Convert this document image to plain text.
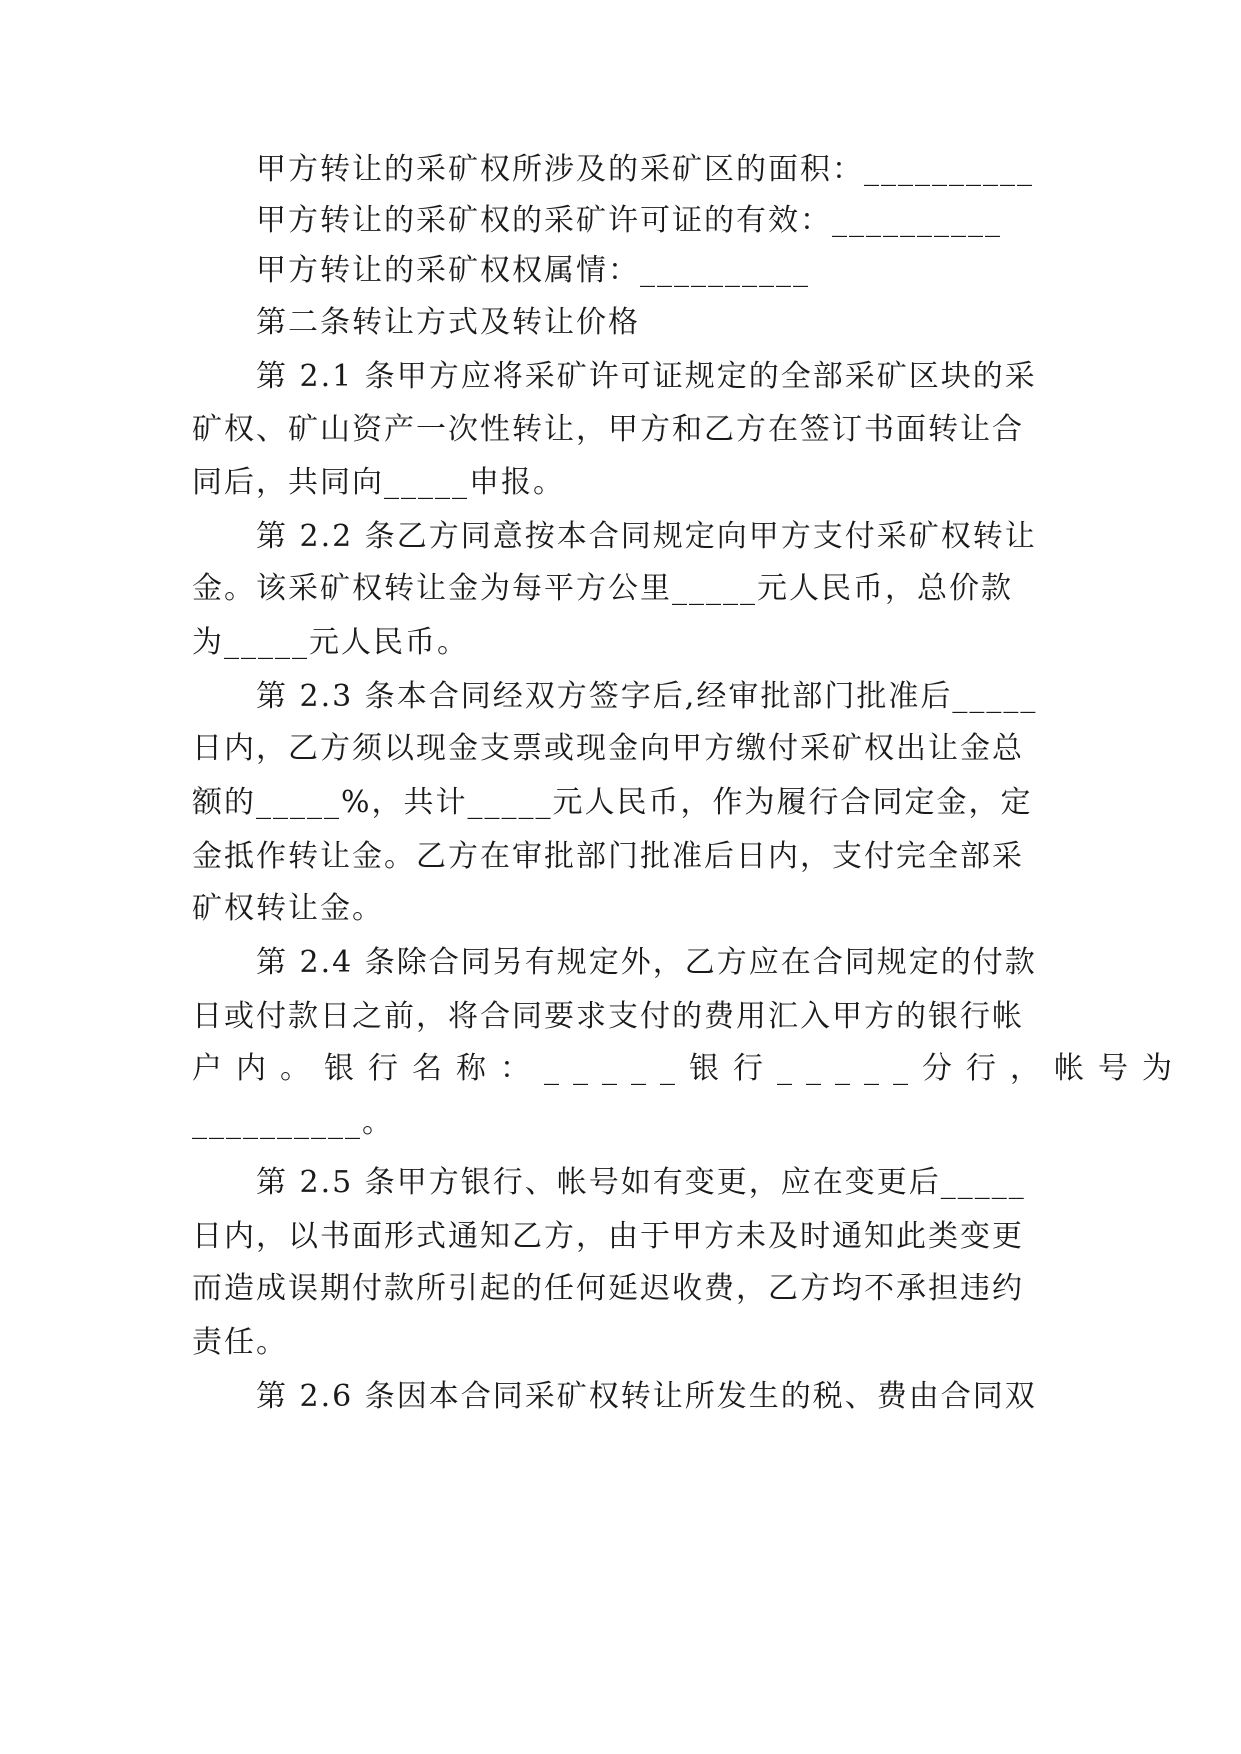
甲方转让的采矿权所涉及的采矿区的面积：__________
甲方转让的采矿权的采矿许可证的有效：__________
甲方转让的采矿权权属情：__________
第二条转让方式及转让价格
第 2.1 条甲方应将采矿许可证规定的全部采矿区块的采
矿权、矿山资产一次性转让，甲方和乙方在签订书面转让合
同后，共同向_____申报。
第 2.2 条乙方同意按本合同规定向甲方支付采矿权转让
金。该采矿权转让金为每平方公里_____元人民币，总价款
为_____元人民币。
第 2.3 条本合同经双方签字后,经审批部门批准后_____
日内，乙方须以现金支票或现金向甲方缴付采矿权出让金总
额的_____%，共计_____元人民币，作为履行合同定金，定
金抵作转让金。乙方在审批部门批准后日内，支付完全部采
矿权转让金。
第 2.4 条除合同另有规定外，乙方应在合同规定的付款
日或付款日之前，将合同要求支付的费用汇入甲方的银行帐
户内。银行名称：_____银行_____分行，帐号为
__________。
第 2.5 条甲方银行、帐号如有变更，应在变更后_____
日内，以书面形式通知乙方，由于甲方未及时通知此类变更
而造成误期付款所引起的任何延迟收费，乙方均不承担违约
责任。
第 2.6 条因本合同采矿权转让所发生的税、费由合同双
